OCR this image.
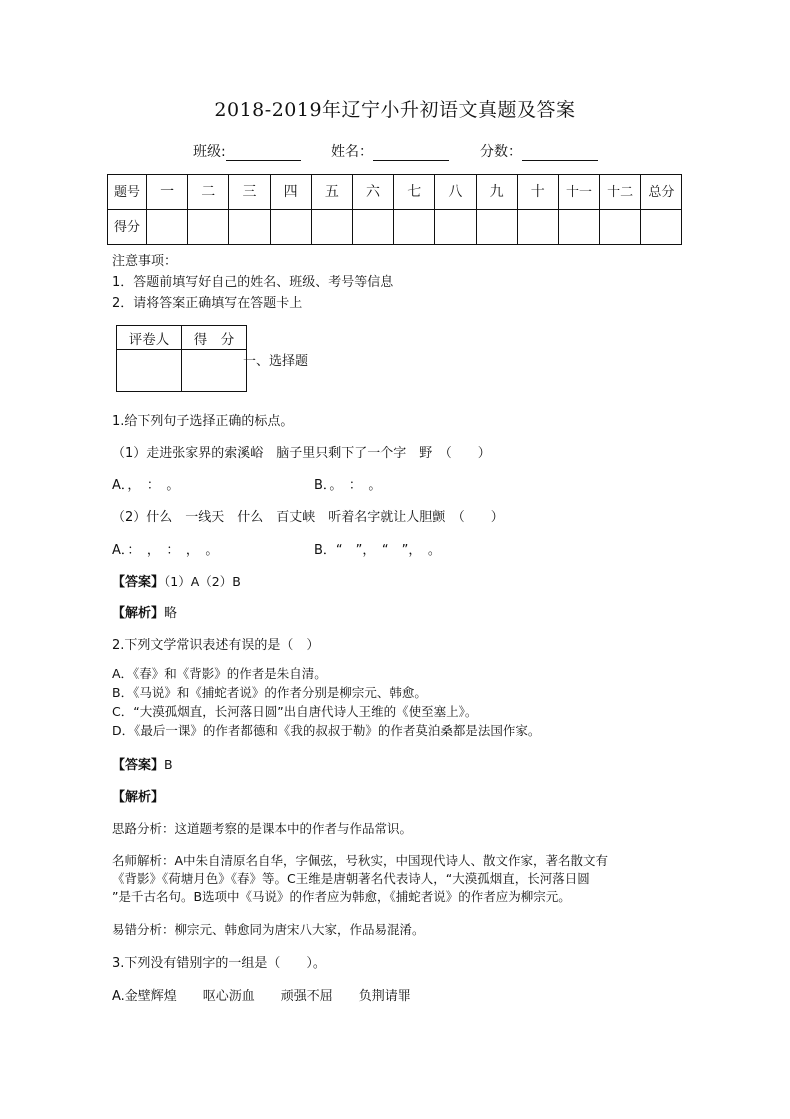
2018-2019年辽宁小升初语文真题及答案
班级:	姓名：	分数：
题号	一	二	三	四	五	六	七	八	九	十	十一	十二	总分
得分													
注意事项：
1．答题前填写好自己的姓名、班级、考号等信息
2．请将答案正确填写在答题卡上
评卷人	得　分

一、选择题
1.给下列句子选择正确的标点。
（1）走进张家界的索溪峪　脑子里只剩下了一个字　野　（　　）
A．，　：　。	B．。　：　。
（2）什么　一线天　什么　百丈峡　听着名字就让人胆颤　（　　）
A．：　，　：　，　。	B．“　”，　“　”，　。
【答案】（1）A（2）B
【解析】略
2.下列文学常识表述有误的是（　）
A．《春》和《背影》的作者是朱自清。
B．《马说》和《捕蛇者说》的作者分别是柳宗元、韩愈。
C．“大漠孤烟直，长河落日圆”出自唐代诗人王维的《使至塞上》。
D．《最后一课》的作者都德和《我的叔叔于勒》的作者莫泊桑都是法国作家。
【答案】B
【解析】
思路分析：这道题考察的是课本中的作者与作品常识。
名师解析：A中朱自清原名自华，字佩弦，号秋实，中国现代诗人、散文作家，著名散文有
《背影》《荷塘月色》《春》等。C王维是唐朝著名代表诗人，“大漠孤烟直，长河落日圆
”是千古名句。B选项中《马说》的作者应为韩愈，《捕蛇者说》的作者应为柳宗元。
易错分析：柳宗元、韩愈同为唐宋八大家，作品易混淆。
3.下列没有错别字的一组是（　　）。
A.金壁辉煌　　呕心沥血　　顽强不屈　　负荆请罪
